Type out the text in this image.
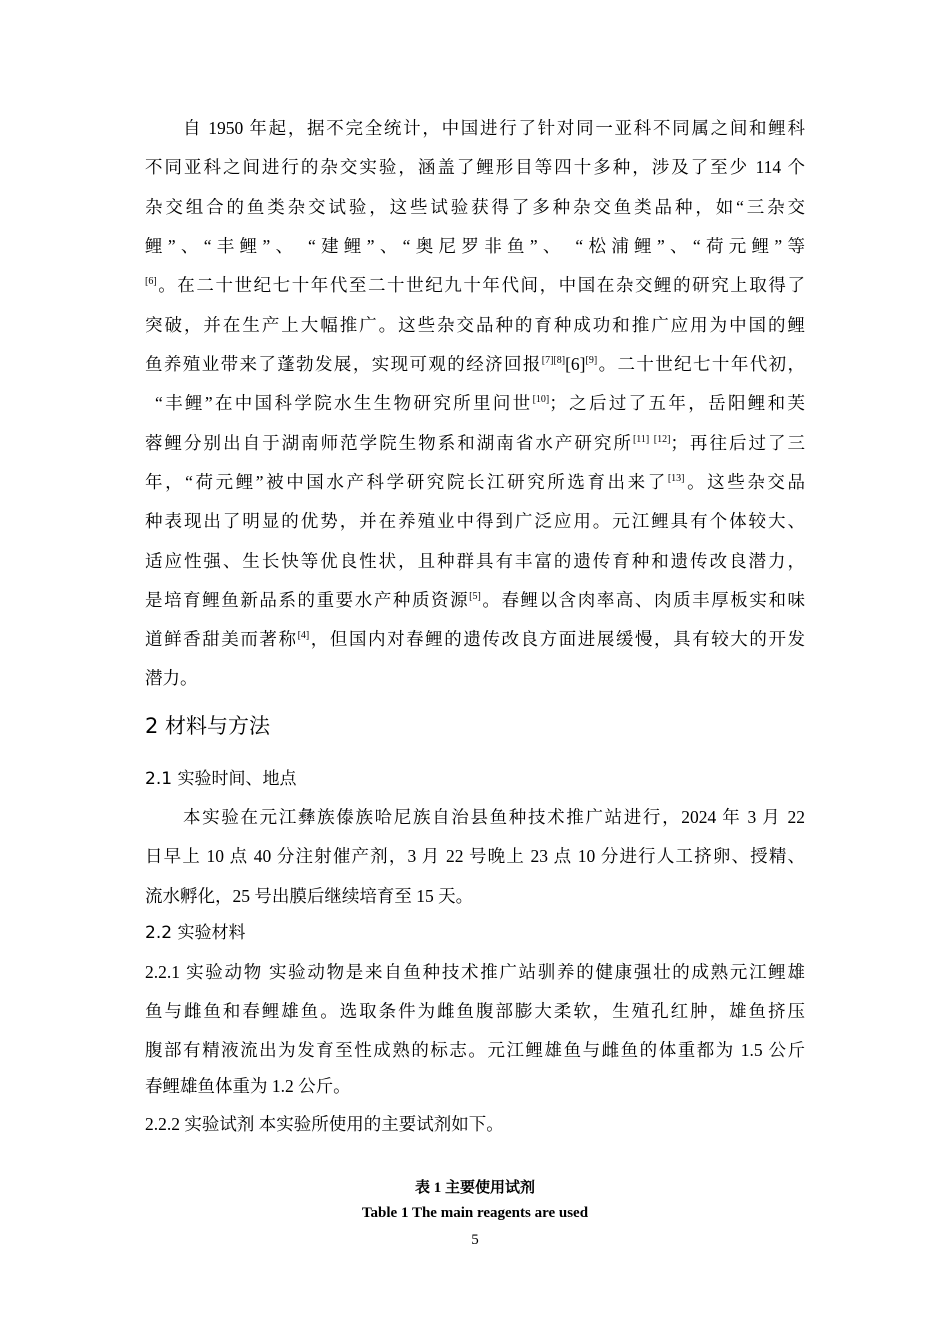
自 1950 年起，据不完全统计，中国进行了针对同一亚科不同属之间和鲤科
不同亚科之间进行的杂交实验，涵盖了鲤形目等四十多种，涉及了至少 114 个
杂交组合的鱼类杂交试验，这些试验获得了多种杂交鱼类品种，如“三杂交
鲤”、“丰鲤”、 “建鲤”、“奥尼罗非鱼”、 “松浦鲤”、“荷元鲤”等
[6]。在二十世纪七十年代至二十世纪九十年代间，中国在杂交鲤的研究上取得了
突破，并在生产上大幅推广。这些杂交品种的育种成功和推广应用为中国的鲤
鱼养殖业带来了蓬勃发展，实现可观的经济回报[7][8][6][9]。二十世纪七十年代初，
“丰鲤”在中国科学院水生生物研究所里问世[10]；之后过了五年，岳阳鲤和芙
蓉鲤分别出自于湖南师范学院生物系和湖南省水产研究所[11] [12]；再往后过了三
年，“荷元鲤”被中国水产科学研究院长江研究所选育出来了[13]。这些杂交品
种表现出了明显的优势，并在养殖业中得到广泛应用。元江鲤具有个体较大、
适应性强、生长快等优良性状，且种群具有丰富的遗传育种和遗传改良潜力，
是培育鲤鱼新品系的重要水产种质资源[5]。春鲤以含肉率高、肉质丰厚板实和味
道鲜香甜美而著称[4]，但国内对春鲤的遗传改良方面进展缓慢，具有较大的开发
潜力。
2 材料与方法
2.1 实验时间、地点
本实验在元江彝族傣族哈尼族自治县鱼种技术推广站进行，2024 年 3 月 22
日早上 10 点 40 分注射催产剂，3 月 22 号晚上 23 点 10 分进行人工挤卵、授精、
流水孵化，25 号出膜后继续培育至 15 天。
2.2 实验材料
2.2.1 实验动物 实验动物是来自鱼种技术推广站驯养的健康强壮的成熟元江鲤雄
鱼与雌鱼和春鲤雄鱼。选取条件为雌鱼腹部膨大柔软，生殖孔红肿，雄鱼挤压
腹部有精液流出为发育至性成熟的标志。元江鲤雄鱼与雌鱼的体重都为 1.5 公斤
春鲤雄鱼体重为 1.2 公斤。
2.2.2 实验试剂 本实验所使用的主要试剂如下。
表 1 主要使用试剂
Table 1 The main reagents are used
5
